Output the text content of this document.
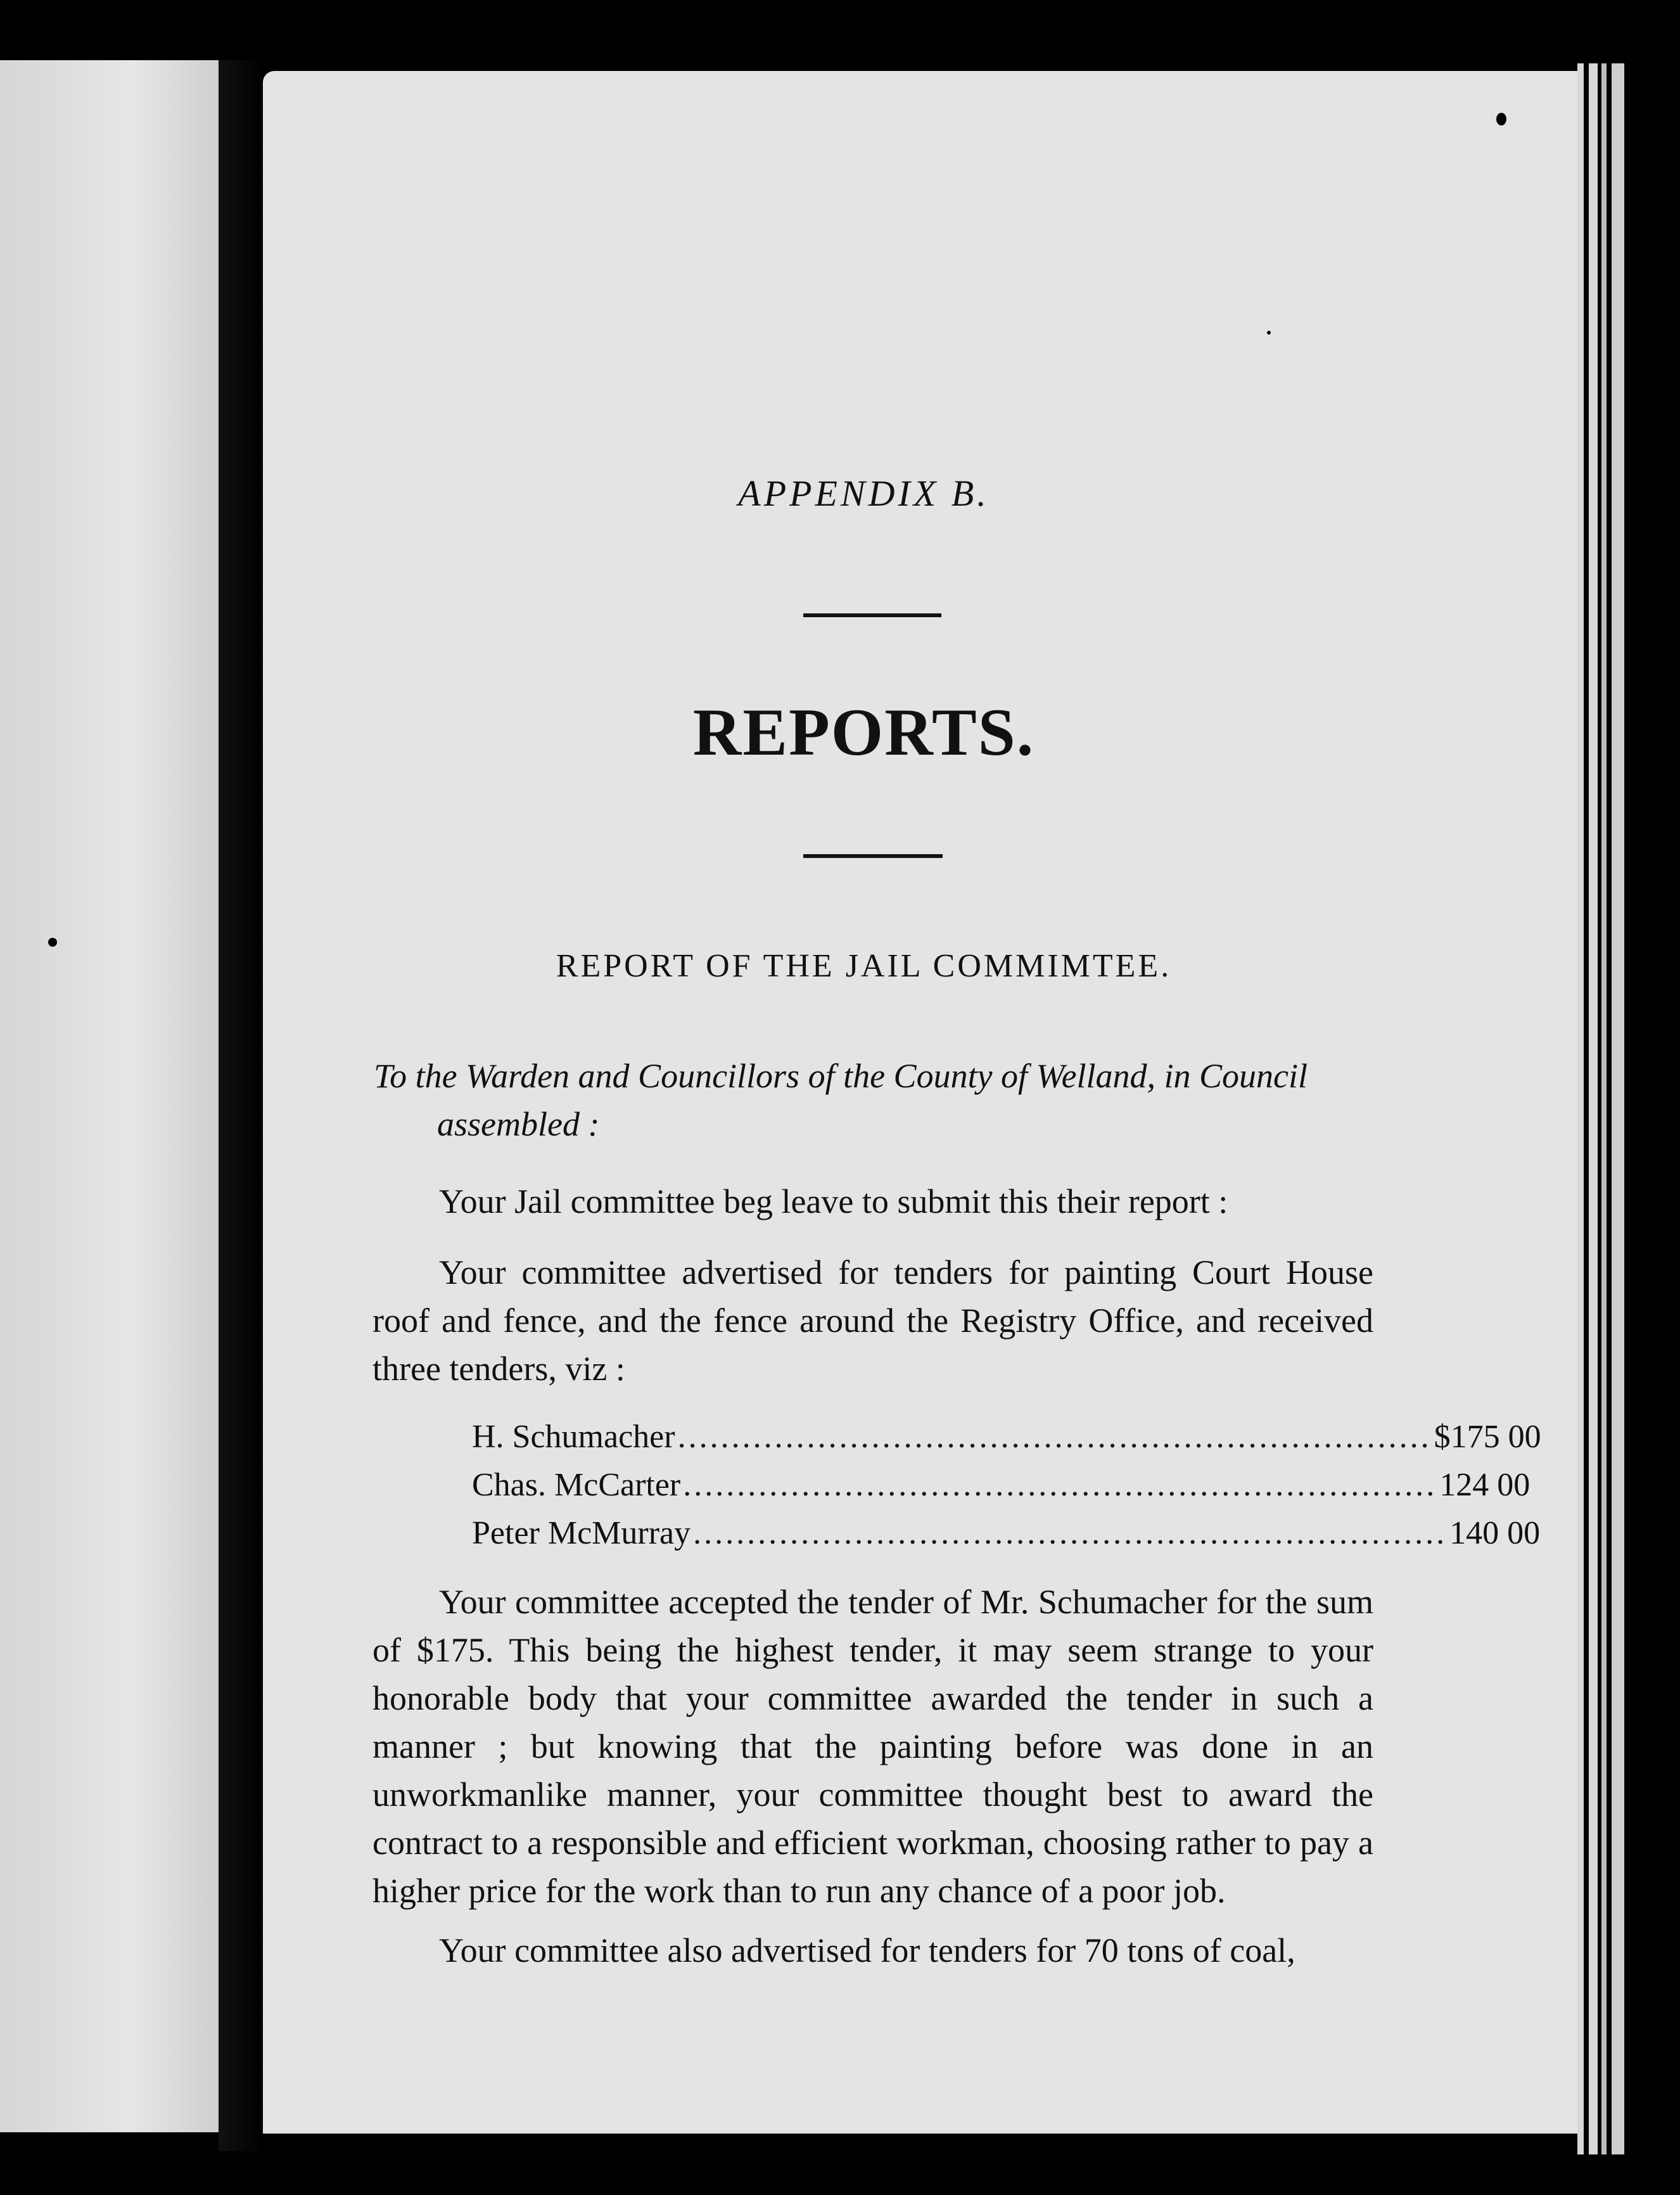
APPENDIX B.
REPORTS.
REPORT OF THE JAIL COMMIMTEE.
To the Warden and Councillors of the County of Welland, in Council
assembled :
Your Jail committee beg leave to submit this their report :
Your committee advertised for tenders for painting Court House roof and fence, and the fence around the Registry Office, and received three tenders, viz :
H. Schumacher ...................................................................... $175 00
Chas. McCarter ...................................................................... 124 00
Peter McMurray ...................................................................... 140 00
Your committee accepted the tender of Mr. Schumacher for the sum of $175. This being the highest tender, it may seem strange to your honorable body that your committee awarded the tender in such a manner ; but knowing that the painting before was done in an unworkmanlike manner, your committee thought best to award the contract to a responsible and efficient workman, choosing rather to pay a higher price for the work than to run any chance of a poor job.
Your committee also advertised for tenders for 70 tons of coal,
